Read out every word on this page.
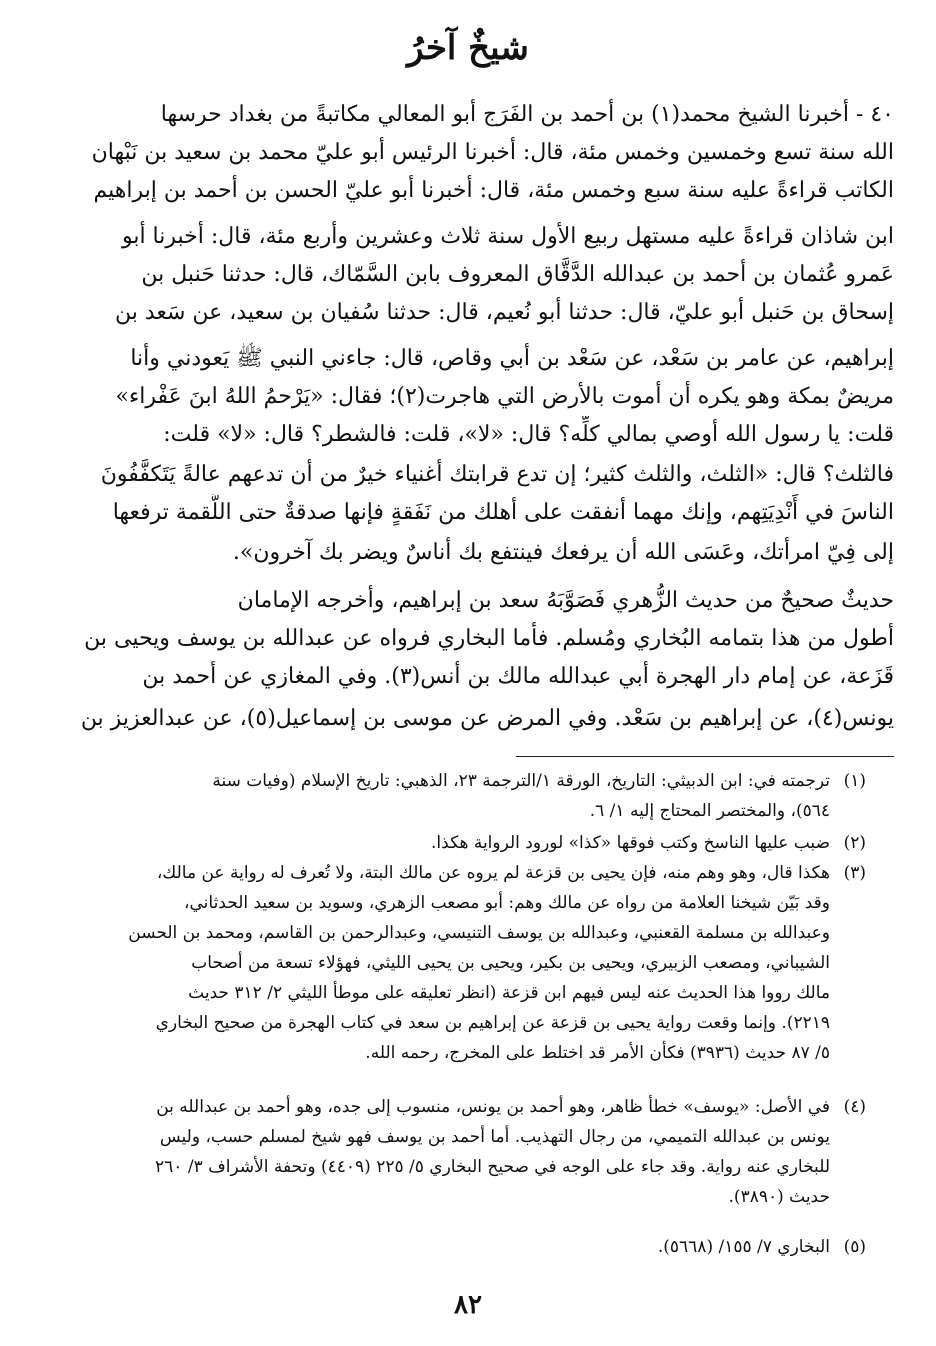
شيخٌ آخرُ
٤٠ - أخبرنا الشيخ محمد(١) بن أحمد بن الفَرَج أبو المعالي مكاتبةً من بغداد حرسها
الله سنة تسع وخمسين وخمس مئة، قال: أخبرنا الرئيس أبو عليّ محمد بن سعيد بن نَبْهان
الكاتب قراءةً عليه سنة سبع وخمس مئة، قال: أخبرنا أبو عليّ الحسن بن أحمد بن إبراهيم
ابن شاذان قراءةً عليه مستهل ربيع الأول سنة ثلاث وعشرين وأربع مئة، قال: أخبرنا أبو
عَمرو عُثمان بن أحمد بن عبدالله الدَّقَّاق المعروف بابن السَّمّاك، قال: حدثنا حَنبل بن
إسحاق بن حَنبل أبو عليّ، قال: حدثنا أبو نُعيم، قال: حدثنا سُفيان بن سعيد، عن سَعد بن
إبراهيم، عن عامر بن سَعْد، عن سَعْد بن أبي وقاص، قال: جاءني النبي ﷺ يَعودني وأنا
مريضٌ بمكة وهو يكره أن أموت بالأرض التي هاجرت(٢)؛ فقال: «يَرْحمُ اللهُ ابنَ عَفْراء»
قلت: يا رسول الله أوصي بمالي كلِّه؟ قال: «لا»، قلت: فالشطر؟ قال: «لا» قلت:
فالثلث؟ قال: «الثلث، والثلث كثير؛ إن تدع قرابتك أغنياء خيرٌ من أن تدعهم عالةً يَتَكفَّفُونَ
الناسَ في أَنْدِيَتِهم، وإنك مهما أنفقت على أهلك من نَفَقةٍ فإنها صدقةٌ حتى اللُّقمة ترفعها
إلى فِيّ امرأتك، وعَسَى الله أن يرفعك فينتفع بك أناسٌ ويضر بك آخرون».
حديثٌ صحيحٌ من حديث الزُّهري فَصَوَّبَهُ سعد بن إبراهيم، وأخرجه الإمامان
أطول من هذا بتمامه البُخاري ومُسلم. فأما البخاري فرواه عن عبدالله بن يوسف ويحيى بن
قَزَعة، عن إمام دار الهجرة أبي عبدالله مالك بن أنس(٣). وفي المغازي عن أحمد بن
يونس(٤)، عن إبراهيم بن سَعْد. وفي المرض عن موسى بن إسماعيل(٥)، عن عبدالعزيز بن
(١)
ترجمته في: ابن الدبيثي: التاريخ، الورقة ١/الترجمة ٢٣، الذهبي: تاريخ الإسلام (وفيات سنة
٥٦٤)، والمختصر المحتاج إليه ١/ ٦.
(٢)
ضبب عليها الناسخ وكتب فوقها «كذا» لورود الرواية هكذا.
(٣)
هكذا قال، وهو وهم منه، فإن يحيى بن قزعة لم يروه عن مالك البتة، ولا تُعرف له رواية عن مالك،
وقد بَيّن شيخنا العلامة من رواه عن مالك وهم: أبو مصعب الزهري، وسويد بن سعيد الحدثاني،
وعبدالله بن مسلمة القعنبي، وعبدالله بن يوسف التنيسي، وعبدالرحمن بن القاسم، ومحمد بن الحسن
الشيباني، ومصعب الزبيري، ويحيى بن بكير، ويحيى بن يحيى الليثي، فهؤلاء تسعة من أصحاب
مالك رووا هذا الحديث عنه ليس فيهم ابن قزعة (انظر تعليقه على موطأ الليثي ٢/ ٣١٢ حديث
٢٢١٩). وإنما وقعت رواية يحيى بن قزعة عن إبراهيم بن سعد في كتاب الهجرة من صحيح البخاري
٥/ ٨٧ حديث (٣٩٣٦) فكأن الأمر قد اختلط على المخرج، رحمه الله.
(٤)
في الأصل: «يوسف» خطأ ظاهر، وهو أحمد بن يونس، منسوب إلى جده، وهو أحمد بن عبدالله بن
يونس بن عبدالله التميمي، من رجال التهذيب. أما أحمد بن يوسف فهو شيخ لمسلم حسب، وليس
للبخاري عنه رواية. وقد جاء على الوجه في صحيح البخاري ٥/ ٢٢٥ (٤٤٠٩) وتحفة الأشراف ٣/ ٢٦٠
حديث (٣٨٩٠).
(٥)
البخاري ٧/ ١٥٥/ (٥٦٦٨).
٨٢
